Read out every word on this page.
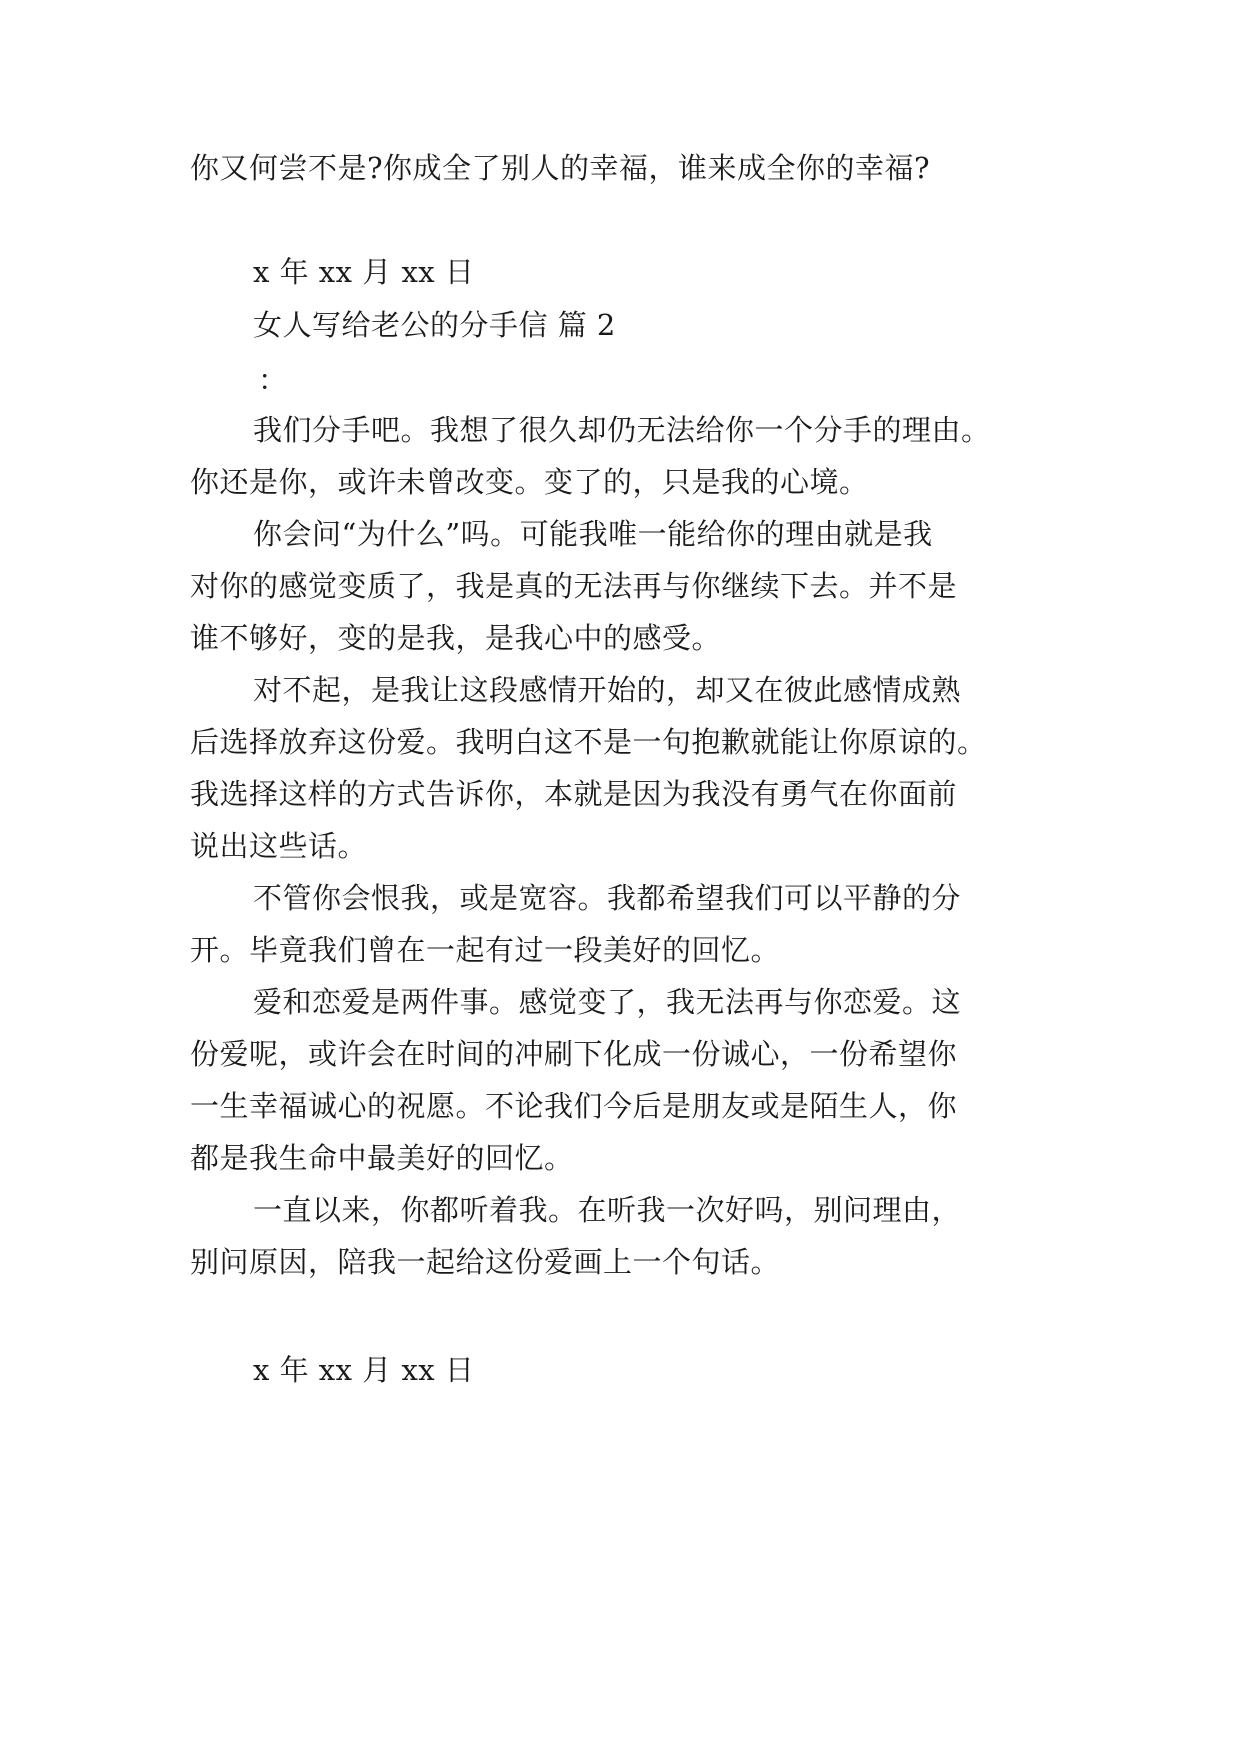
你又何尝不是?你成全了别人的幸福，谁来成全你的幸福?

x 年 xx 月 xx 日

女人写给老公的分手信 篇 2

：

我们分手吧。我想了很久却仍无法给你一个分手的理由。

你还是你，或许未曾改变。变了的，只是我的心境。

你会问“为什么”吗。可能我唯一能给你的理由就是我

对你的感觉变质了，我是真的无法再与你继续下去。并不是

谁不够好，变的是我，是我心中的感受。

对不起，是我让这段感情开始的，却又在彼此感情成熟

后选择放弃这份爱。我明白这不是一句抱歉就能让你原谅的。

我选择这样的方式告诉你，本就是因为我没有勇气在你面前

说出这些话。

不管你会恨我，或是宽容。我都希望我们可以平静的分

开。毕竟我们曾在一起有过一段美好的回忆。

爱和恋爱是两件事。感觉变了，我无法再与你恋爱。这

份爱呢，或许会在时间的冲刷下化成一份诚心，一份希望你

一生幸福诚心的祝愿。不论我们今后是朋友或是陌生人，你

都是我生命中最美好的回忆。

一直以来，你都听着我。在听我一次好吗，别问理由，

别问原因，陪我一起给这份爱画上一个句话。

x 年 xx 月 xx 日
